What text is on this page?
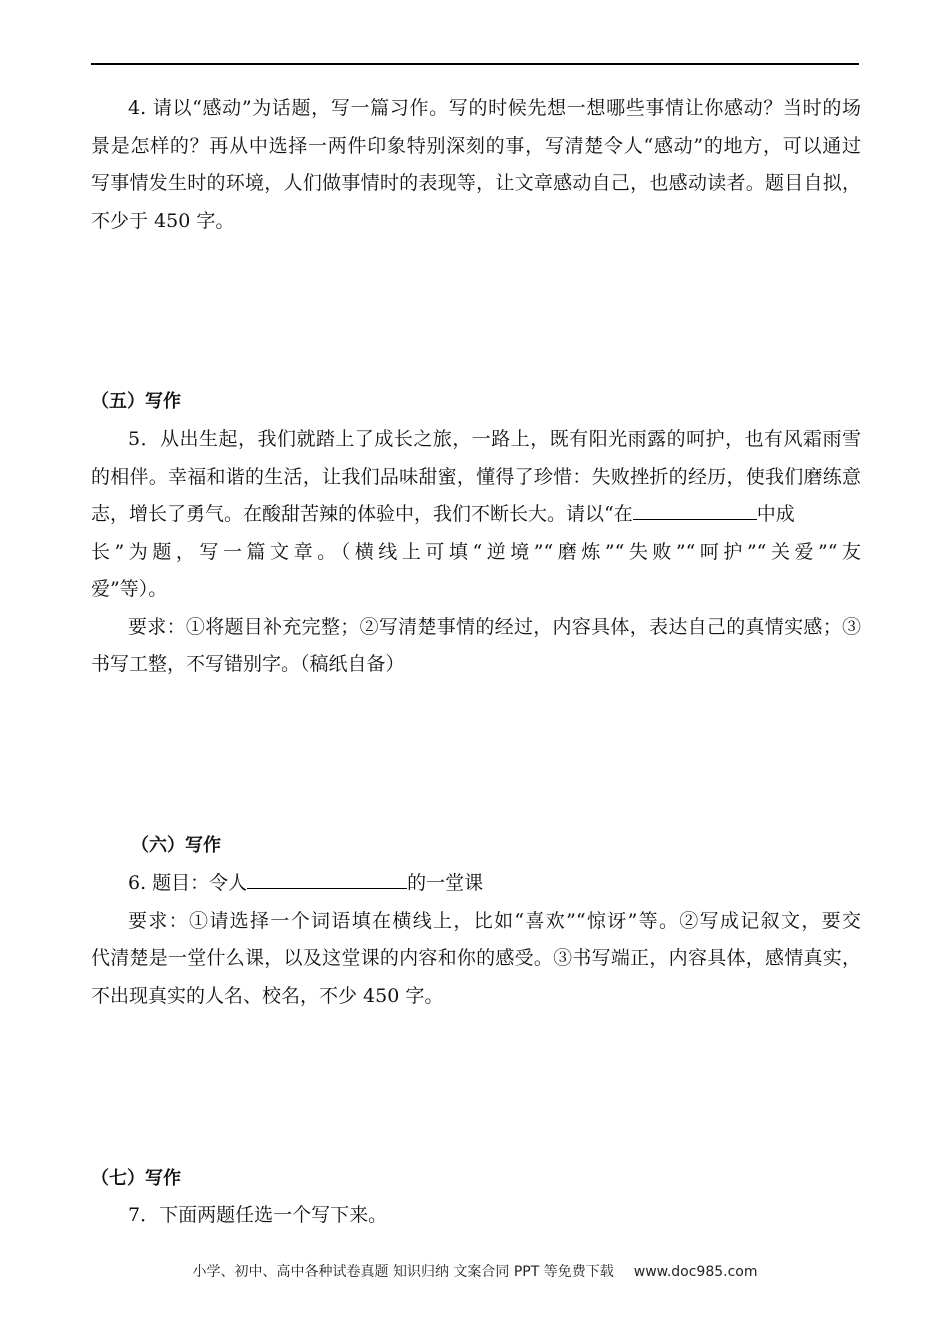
4. 请以“感动”为话题，写一篇习作。写的时候先想一想哪些事情让你感动？当时的场
景是怎样的？再从中选择一两件印象特别深刻的事，写清楚令人“感动”的地方，可以通过
写事情发生时的环境，人们做事情时的表现等，让文章感动自己，也感动读者。题目自拟，
不少于 450 字。
（五）写作
5．从出生起，我们就踏上了成长之旅，一路上，既有阳光雨露的呵护，也有风霜雨雪
的相伴。幸福和谐的生活，让我们品味甜蜜，懂得了珍惜：失败挫折的经历，使我们磨练意
志，增长了勇气。在酸甜苦辣的体验中，我们不断长大。请以“在	中成
长”为题，写一篇文章。（横线上可填“逆境”“磨炼”“失败”“呵护”“关爱”“友
爱”等）。
要求：①将题目补充完整；②写清楚事情的经过，内容具体，表达自己的真情实感；③
书写工整，不写错别字。（稿纸自备）
（六）写作
6. 题目：令人	的一堂课
要求：①请选择一个词语填在横线上，比如“喜欢”“惊讶”等。②写成记叙文，要交
代清楚是一堂什么课，以及这堂课的内容和你的感受。③书写端正，内容具体，感情真实，
不出现真实的人名、校名，不少 450 字。
（七）写作
7．下面两题任选一个写下来。
小学、初中、高中各种试卷真题 知识归纳 文案合同 PPT 等免费下载 www.doc985.com
